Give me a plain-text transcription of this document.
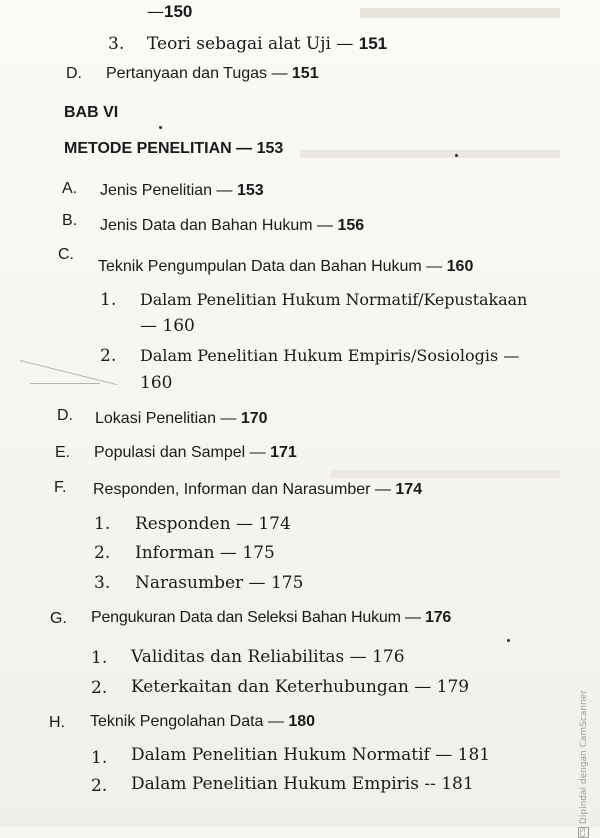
—150
3. Teori sebagai alat Uji — 151
D. Pertanyaan dan Tugas — 151
BAB VI
METODE PENELITIAN — 153
A. Jenis Penelitian — 153
B. Jenis Data dan Bahan Hukum — 156
C.
Teknik Pengumpulan Data dan Bahan Hukum — 160
1. Dalam Penelitian Hukum Normatif/Kepustakaan
— 160
2. Dalam Penelitian Hukum Empiris/Sosiologis —
160
D. Lokasi Penelitian — 170
E. Populasi dan Sampel — 171
F. Responden, Informan dan Narasumber — 174
1. Responden — 174
2. Informan — 175
3. Narasumber — 175
G. Pengukuran Data dan Seleksi Bahan Hukum — 176
1. Validitas dan Reliabilitas — 176
2. Keterkaitan dan Keterhubungan — 179
H. Teknik Pengolahan Data — 180
1. Dalam Penelitian Hukum Normatif — 181
2. Dalam Penelitian Hukum Empiris -- 181
CSDipindai dengan CamScanner
